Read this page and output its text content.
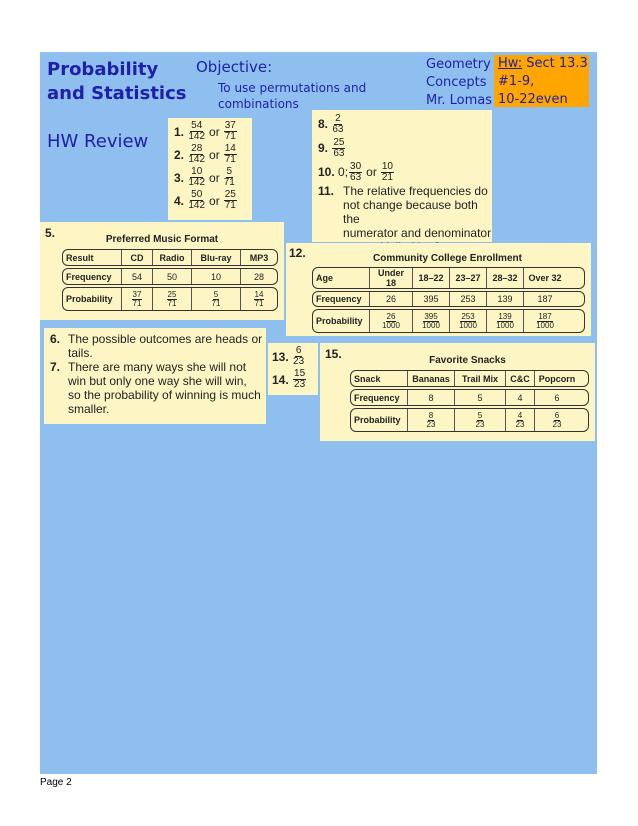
Probability
and Statistics
Objective:
To use permutations and
combinations
Geometry
Concepts
Mr. Lomas
Hw: Sect 13.3
#1-9,
10-22even
HW Review 1.
$\frac{54}{142}$ or $\frac{37}{71}$
2.
$\frac{28}{142}$ or $\frac{14}{71}$
3.
$\frac{10}{142}$ or $\frac{5}{71}$
4.
$\frac{50}{142}$ or $\frac{25}{71}$
8.
$\frac{2}{63}$
9.
$\frac{25}{63}$
10.
0; $\frac{30}{63}$ or $\frac{10}{21}$
11. The relative frequencies do
not change because both the
numerator and denominator
5.	Preferred Music Format
Result	CD	Radio	Blu-ray	MP3
Frequency	54	50	10	28
Probability	$\frac{37}{71}$	$\frac{25}{71}$	$\frac{5}{71}$	$\frac{14}{71}$
12.	Community College Enrollment
Age	Under 18	18–22	23–27	28–32	Over 32
Frequency	26	395	253	139	187
Probability	$\frac{26}{1000}$	$\frac{395}{1000}$	$\frac{253}{1000}$	$\frac{139}{1000}$	$\frac{187}{1000}$
6. The possible outcomes are heads or
tails.
7. There are many ways she will not
win but only one way she will win,
so the probability of winning is much
smaller.
13.
$\frac{6}{23}$
14.
$\frac{15}{23}$
15.	Favorite Snacks
Snack	Bananas	Trail Mix	C&C	Popcorn
Frequency	8	5	4	6
Probability	$\frac{8}{23}$	$\frac{5}{23}$	$\frac{4}{23}$	$\frac{6}{23}$
Page 2
